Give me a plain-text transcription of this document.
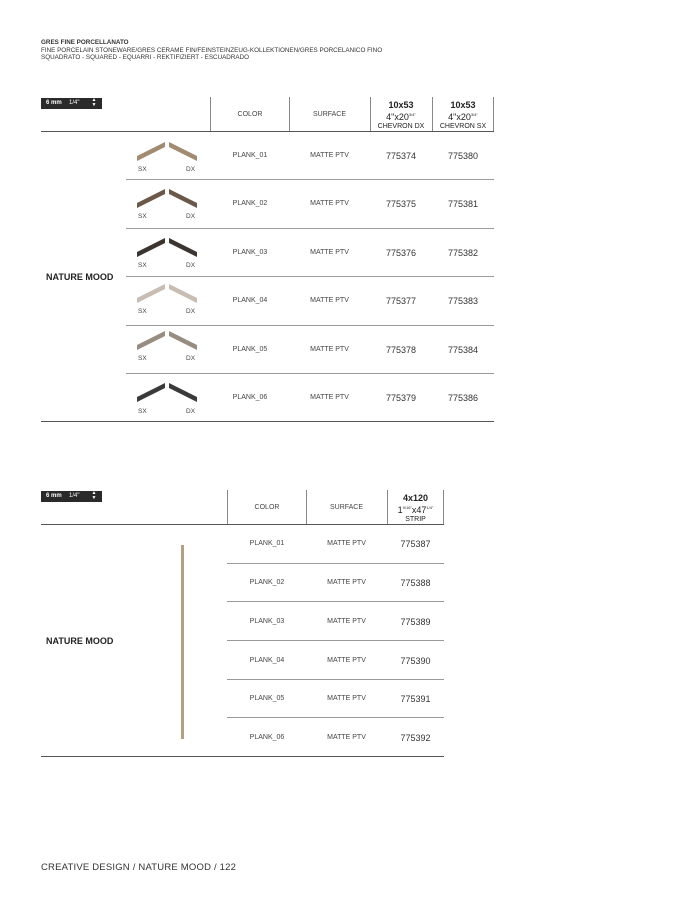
GRES FINE PORCELLANATO
FINE PORCELAIN STONEWARE/GRES CERAME FIN/FEINSTEINZEUG-KOLLEKTIONEN/GRES PORCELANICO FINO
SQUADRATO - SQUARED - EQUARRI - REKTIFIZIERT - ESCUADRADO
6 mm 1/4"	▲
▼
COLOR	SURFACE
10x53
$4"x20^{3/4"}$
CHEVRON DX
10x53
$4"x20^{3/4"}$
CHEVRON SX
NATURE MOOD
SX	DX
PLANK_01	MATTE PTV	775374	775380
SX	DX
PLANK_02	MATTE PTV	775375	775381
SX	DX
PLANK_03	MATTE PTV	775376	775382
SX	DX
PLANK_04	MATTE PTV	775377	775383
SX	DX
PLANK_05	MATTE PTV	775378	775384
SX	DX
PLANK_06	MATTE PTV	775379	775386
6 mm 1/4"	▲
▼
COLOR	SURFACE
4x120
$1^{9/16"}x47^{1/4"}$
STRIP
NATURE MOOD
PLANK_01	MATTE PTV	775387
PLANK_02	MATTE PTV	775388
PLANK_03	MATTE PTV	775389
PLANK_04	MATTE PTV	775390
PLANK_05	MATTE PTV	775391
PLANK_06	MATTE PTV	775392
CREATIVE DESIGN / NATURE MOOD / 122
